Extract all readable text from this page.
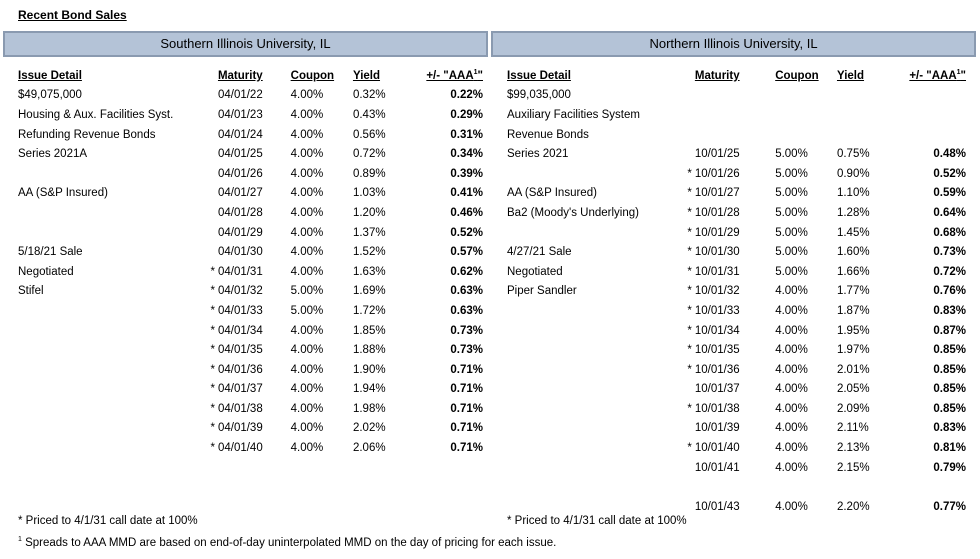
Recent Bond Sales
Southern Illinois University, IL
Issue Detail		Maturity	Coupon	Yield	+/- "AAA$^1$"
$49,075,000		04/01/22	4.00%	0.32%	0.22%
Housing & Aux. Facilities Syst.		04/01/23	4.00%	0.43%	0.29%
Refunding Revenue Bonds		04/01/24	4.00%	0.56%	0.31%
Series 2021A		04/01/25	4.00%	0.72%	0.34%
		04/01/26	4.00%	0.89%	0.39%
AA (S&P Insured)		04/01/27	4.00%	1.03%	0.41%
		04/01/28	4.00%	1.20%	0.46%
		04/01/29	4.00%	1.37%	0.52%
5/18/21 Sale		04/01/30	4.00%	1.52%	0.57%
Negotiated	*	04/01/31	4.00%	1.63%	0.62%
Stifel	*	04/01/32	5.00%	1.69%	0.63%
	*	04/01/33	5.00%	1.72%	0.63%
	*	04/01/34	4.00%	1.85%	0.73%
	*	04/01/35	4.00%	1.88%	0.73%
	*	04/01/36	4.00%	1.90%	0.71%
	*	04/01/37	4.00%	1.94%	0.71%
	*	04/01/38	4.00%	1.98%	0.71%
	*	04/01/39	4.00%	2.02%	0.71%
	*	04/01/40	4.00%	2.06%	0.71%
Northern Illinois University, IL
Issue Detail		Maturity	Coupon	Yield	+/- "AAA$^1$"
$99,035,000					
Auxiliary Facilities System					
Revenue Bonds					
Series 2021		10/01/25	5.00%	0.75%	0.48%
	*	10/01/26	5.00%	0.90%	0.52%
AA (S&P Insured)	*	10/01/27	5.00%	1.10%	0.59%
Ba2 (Moody's Underlying)	*	10/01/28	5.00%	1.28%	0.64%
	*	10/01/29	5.00%	1.45%	0.68%
4/27/21 Sale	*	10/01/30	5.00%	1.60%	0.73%
Negotiated	*	10/01/31	5.00%	1.66%	0.72%
Piper Sandler	*	10/01/32	4.00%	1.77%	0.76%
	*	10/01/33	4.00%	1.87%	0.83%
	*	10/01/34	4.00%	1.95%	0.87%
	*	10/01/35	4.00%	1.97%	0.85%
	*	10/01/36	4.00%	2.01%	0.85%
		10/01/37	4.00%	2.05%	0.85%
	*	10/01/38	4.00%	2.09%	0.85%
		10/01/39	4.00%	2.11%	0.83%
	*	10/01/40	4.00%	2.13%	0.81%
		10/01/41	4.00%	2.15%	0.79%

		10/01/43	4.00%	2.20%	0.77%
* Priced to 4/1/31 call date at 100%	* Priced to 4/1/31 call date at 100%
$^1$ Spreads to AAA MMD are based on end-of-day uninterpolated MMD on the day of pricing for each issue.
